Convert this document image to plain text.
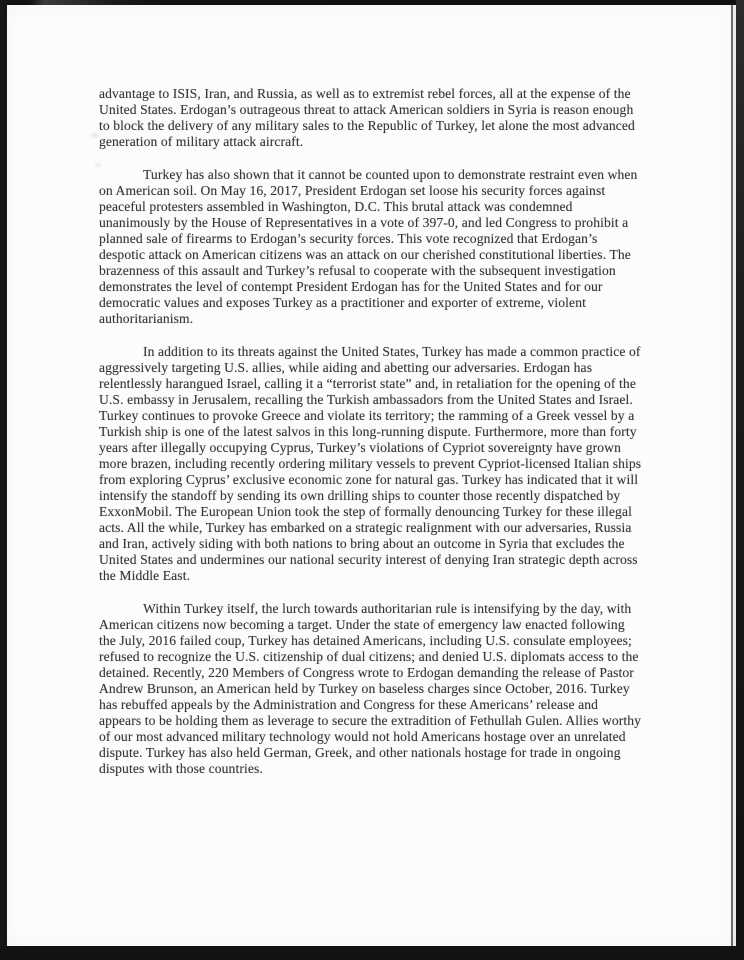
advantage to ISIS, Iran, and Russia, as well as to extremist rebel forces, all at the expense of the United States. Erdogan’s outrageous threat to attack American soldiers in Syria is reason enough to block the delivery of any military sales to the Republic of Turkey, let alone the most advanced generation of military attack aircraft.

Turkey has also shown that it cannot be counted upon to demonstrate restraint even when on American soil. On May 16, 2017, President Erdogan set loose his security forces against peaceful protesters assembled in Washington, D.C. This brutal attack was condemned unanimously by the House of Representatives in a vote of 397-0, and led Congress to prohibit a planned sale of firearms to Erdogan’s security forces. This vote recognized that Erdogan’s despotic attack on American citizens was an attack on our cherished constitutional liberties. The brazenness of this assault and Turkey’s refusal to cooperate with the subsequent investigation demonstrates the level of contempt President Erdogan has for the United States and for our democratic values and exposes Turkey as a practitioner and exporter of extreme, violent authoritarianism.

In addition to its threats against the United States, Turkey has made a common practice of aggressively targeting U.S. allies, while aiding and abetting our adversaries. Erdogan has relentlessly harangued Israel, calling it a “terrorist state” and, in retaliation for the opening of the U.S. embassy in Jerusalem, recalling the Turkish ambassadors from the United States and Israel. Turkey continues to provoke Greece and violate its territory; the ramming of a Greek vessel by a Turkish ship is one of the latest salvos in this long-running dispute. Furthermore, more than forty years after illegally occupying Cyprus, Turkey’s violations of Cypriot sovereignty have grown more brazen, including recently ordering military vessels to prevent Cypriot-licensed Italian ships from exploring Cyprus’ exclusive economic zone for natural gas. Turkey has indicated that it will intensify the standoff by sending its own drilling ships to counter those recently dispatched by ExxonMobil. The European Union took the step of formally denouncing Turkey for these illegal acts. All the while, Turkey has embarked on a strategic realignment with our adversaries, Russia and Iran, actively siding with both nations to bring about an outcome in Syria that excludes the United States and undermines our national security interest of denying Iran strategic depth across the Middle East.

Within Turkey itself, the lurch towards authoritarian rule is intensifying by the day, with American citizens now becoming a target. Under the state of emergency law enacted following the July, 2016 failed coup, Turkey has detained Americans, including U.S. consulate employees; refused to recognize the U.S. citizenship of dual citizens; and denied U.S. diplomats access to the detained. Recently, 220 Members of Congress wrote to Erdogan demanding the release of Pastor Andrew Brunson, an American held by Turkey on baseless charges since October, 2016. Turkey has rebuffed appeals by the Administration and Congress for these Americans’ release and appears to be holding them as leverage to secure the extradition of Fethullah Gulen. Allies worthy of our most advanced military technology would not hold Americans hostage over an unrelated dispute. Turkey has also held German, Greek, and other nationals hostage for trade in ongoing disputes with those countries.
